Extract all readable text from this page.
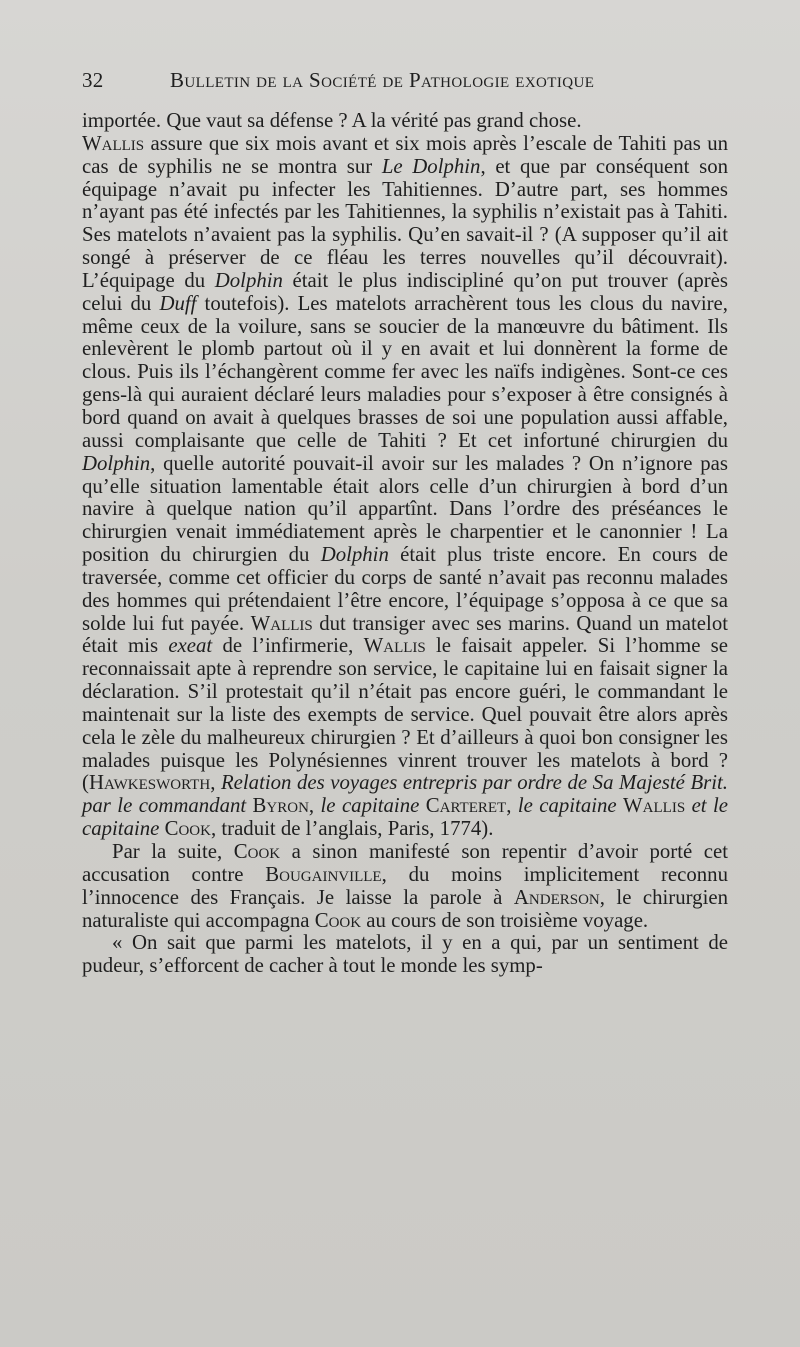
32	Bulletin de la Société de Pathologie exotique

importée. Que vaut sa défense ? A la vérité pas grand chose.
Wallis assure que six mois avant et six mois après l’escale de Tahiti pas un cas de syphilis ne se montra sur Le Dolphin, et que par conséquent son équipage n’avait pu infecter les Tahitiennes. D’autre part, ses hommes n’ayant pas été infectés par les Tahitiennes, la syphilis n’existait pas à Tahiti. Ses matelots n’avaient pas la syphilis. Qu’en savait-il ? (A supposer qu’il ait songé à préserver de ce fléau les terres nouvelles qu’il découvrait). L’équipage du Dolphin était le plus indiscipliné qu’on put trouver (après celui du Duff toutefois). Les matelots arrachèrent tous les clous du navire, même ceux de la voilure, sans se soucier de la manœuvre du bâtiment. Ils enlevèrent le plomb partout où il y en avait et lui donnèrent la forme de clous. Puis ils l’échangèrent comme fer avec les naïfs indigènes. Sont-ce ces gens-là qui auraient déclaré leurs maladies pour s’exposer à être consignés à bord quand on avait à quelques brasses de soi une population aussi affable, aussi complaisante que celle de Tahiti ? Et cet infortuné chirurgien du Dolphin, quelle autorité pouvait-il avoir sur les malades ? On n’ignore pas qu’elle situation lamentable était alors celle d’un chirurgien à bord d’un navire à quelque nation qu’il appartînt. Dans l’ordre des préséances le chirurgien venait immédiatement après le charpentier et le canonnier ! La position du chirurgien du Dolphin était plus triste encore. En cours de traversée, comme cet officier du corps de santé n’avait pas reconnu malades des hommes qui prétendaient l’être encore, l’équipage s’opposa à ce que sa solde lui fut payée. Wallis dut transiger avec ses marins. Quand un matelot était mis exeat de l’infirmerie, Wallis le faisait appeler. Si l’homme se reconnaissait apte à reprendre son service, le capitaine lui en faisait signer la déclaration. S’il protestait qu’il n’était pas encore guéri, le commandant le maintenait sur la liste des exempts de service. Quel pouvait être alors après cela le zèle du malheureux chirurgien ? Et d’ailleurs à quoi bon consigner les malades puisque les Polynésiennes vinrent trouver les matelots à bord ? (Hawkesworth, Relation des voyages entrepris par ordre de Sa Majesté Brit. par le commandant Byron, le capitaine Carteret, le capitaine Wallis et le capitaine Cook, traduit de l’anglais, Paris, 1774).

Par la suite, Cook a sinon manifesté son repentir d’avoir porté cet accusation contre Bougainville, du moins implicitement reconnu l’innocence des Français. Je laisse la parole à Anderson, le chirurgien naturaliste qui accompagna Cook au cours de son troisième voyage.

« On sait que parmi les matelots, il y en a qui, par un sentiment de pudeur, s’efforcent de cacher à tout le monde les symp-
